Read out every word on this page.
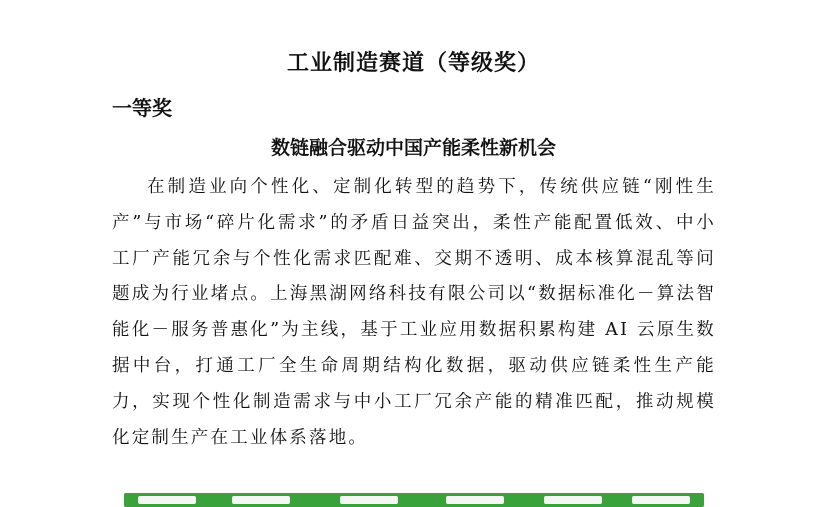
工业制造赛道（等级奖）
一等奖
数链融合驱动中国产能柔性新机会

在制造业向个性化、定制化转型的趋势下，传统供应链“刚性生产”与市场“碎片化需求”的矛盾日益突出，柔性产能配置低效、中小工厂产能冗余与个性化需求匹配难、交期不透明、成本核算混乱等问题成为行业堵点。上海黑湖网络科技有限公司以“数据标准化－算法智能化－服务普惠化”为主线，基于工业应用数据积累构建 AI 云原生数据中台，打通工厂全生命周期结构化数据，驱动供应链柔性生产能力，实现个性化制造需求与中小工厂冗余产能的精准匹配，推动规模化定制生产在工业体系落地。
